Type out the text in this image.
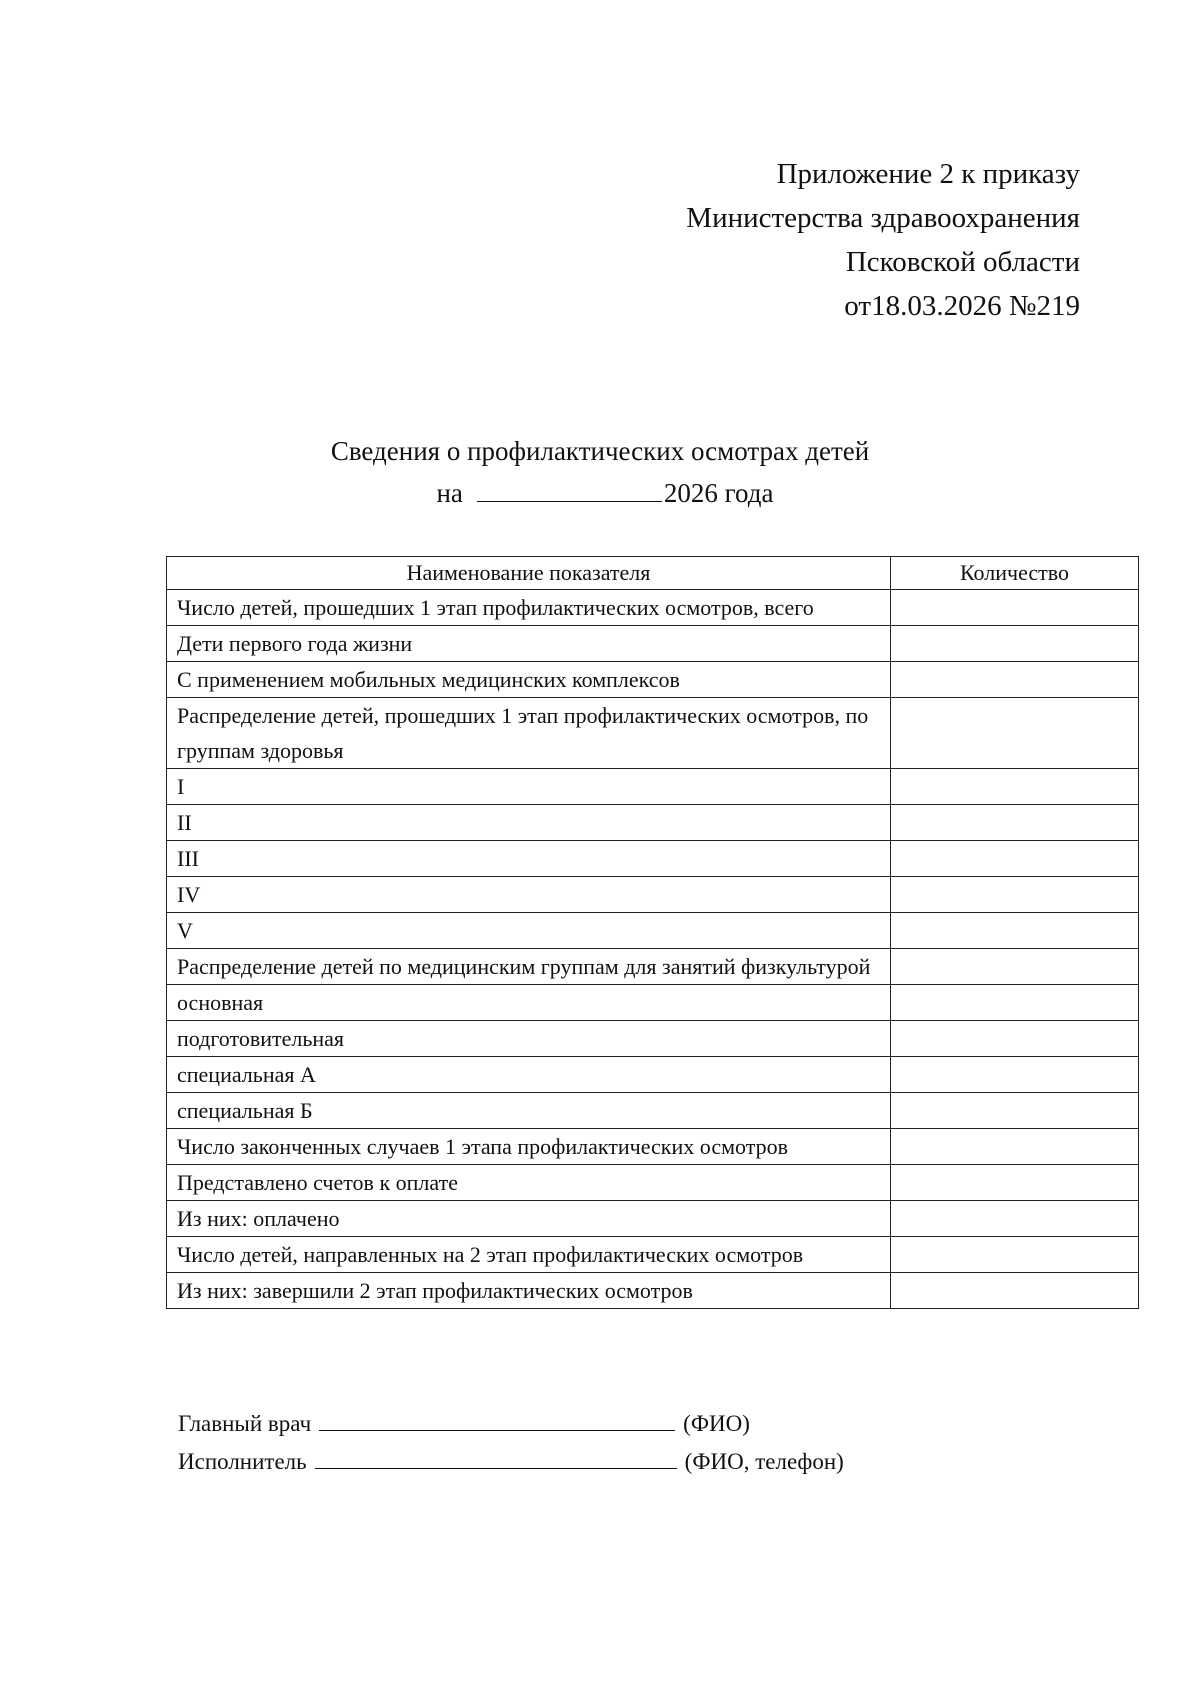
Приложение 2 к приказу
Министерства здравоохранения
Псковской области
от18.03.2026 №219
Сведения о профилактических осмотрах детей
на	2026 года
Наименование показателя	Количество
Число детей, прошедших 1 этап профилактических осмотров, всего	
Дети первого года жизни	
С применением мобильных медицинских комплексов	
Распределение детей, прошедших 1 этап профилактических осмотров, по группам здоровья	
I	
II	
III	
IV	
V	
Распределение детей по медицинским группам для занятий физкультурой	
основная	
подготовительная	
специальная А	
специальная Б	
Число законченных случаев 1 этапа профилактических осмотров	
Представлено счетов к оплате	
Из них: оплачено	
Число детей, направленных на 2 этап профилактических осмотров	
Из них: завершили 2 этап профилактических осмотров	
Главный врач	(ФИО)
Исполнитель	(ФИО, телефон)
